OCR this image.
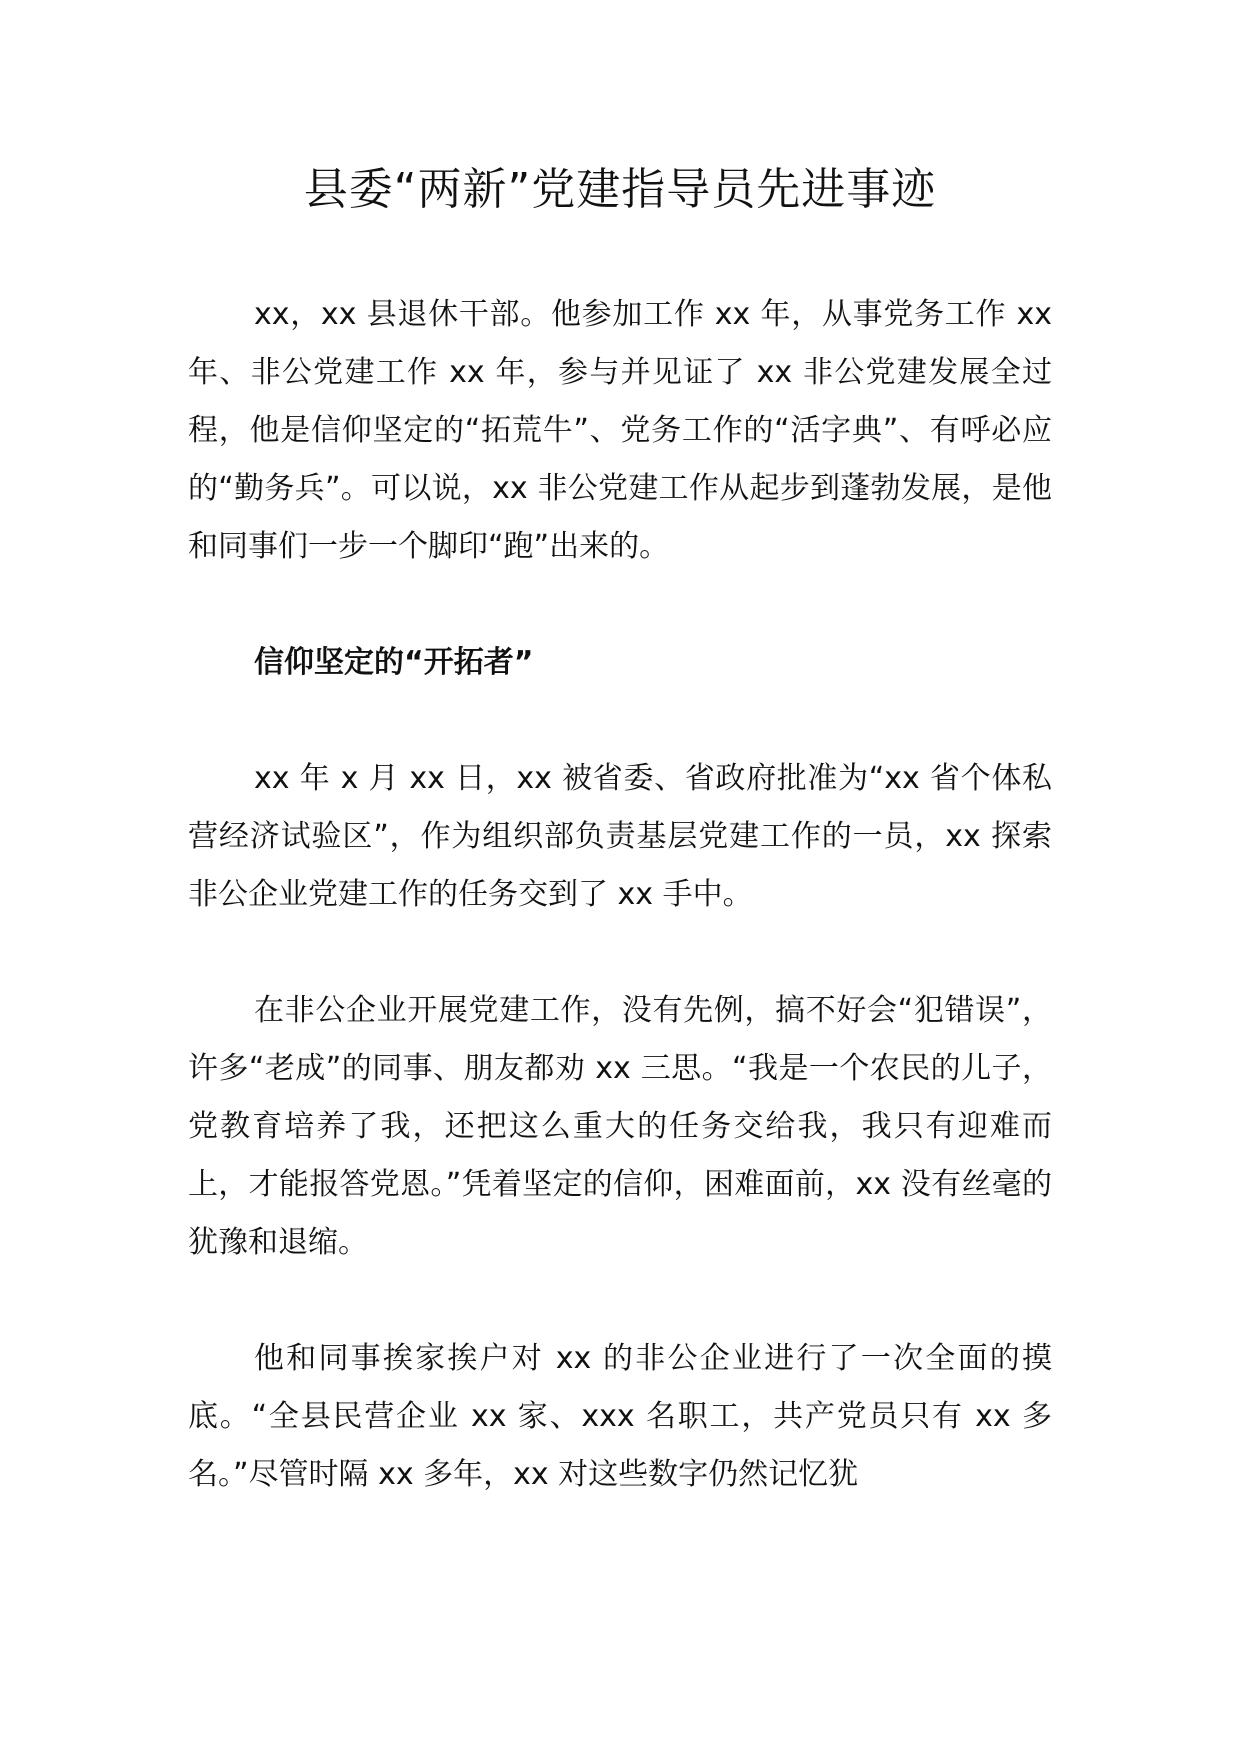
县委“两新”党建指导员先进事迹

xx，xx 县退休干部。他参加工作 xx 年，从事党务工作 xx 年、非公党建工作 xx 年，参与并见证了 xx 非公党建发展全过程，他是信仰坚定的“拓荒牛”、党务工作的“活字典”、有呼必应的“勤务兵”。可以说，xx 非公党建工作从起步到蓬勃发展，是他和同事们一步一个脚印“跑”出来的。

信仰坚定的“开拓者”

xx 年 x 月 xx 日，xx 被省委、省政府批准为“xx 省个体私营经济试验区”，作为组织部负责基层党建工作的一员，xx 探索非公企业党建工作的任务交到了 xx 手中。

在非公企业开展党建工作，没有先例，搞不好会“犯错误”，许多“老成”的同事、朋友都劝 xx 三思。“我是一个农民的儿子，党教育培养了我，还把这么重大的任务交给我，我只有迎难而上，才能报答党恩。”凭着坚定的信仰，困难面前，xx 没有丝毫的犹豫和退缩。

他和同事挨家挨户对 xx 的非公企业进行了一次全面的摸底。“全县民营企业 xx 家、xxx 名职工，共产党员只有 xx 多名。”尽管时隔 xx 多年，xx 对这些数字仍然记忆犹
